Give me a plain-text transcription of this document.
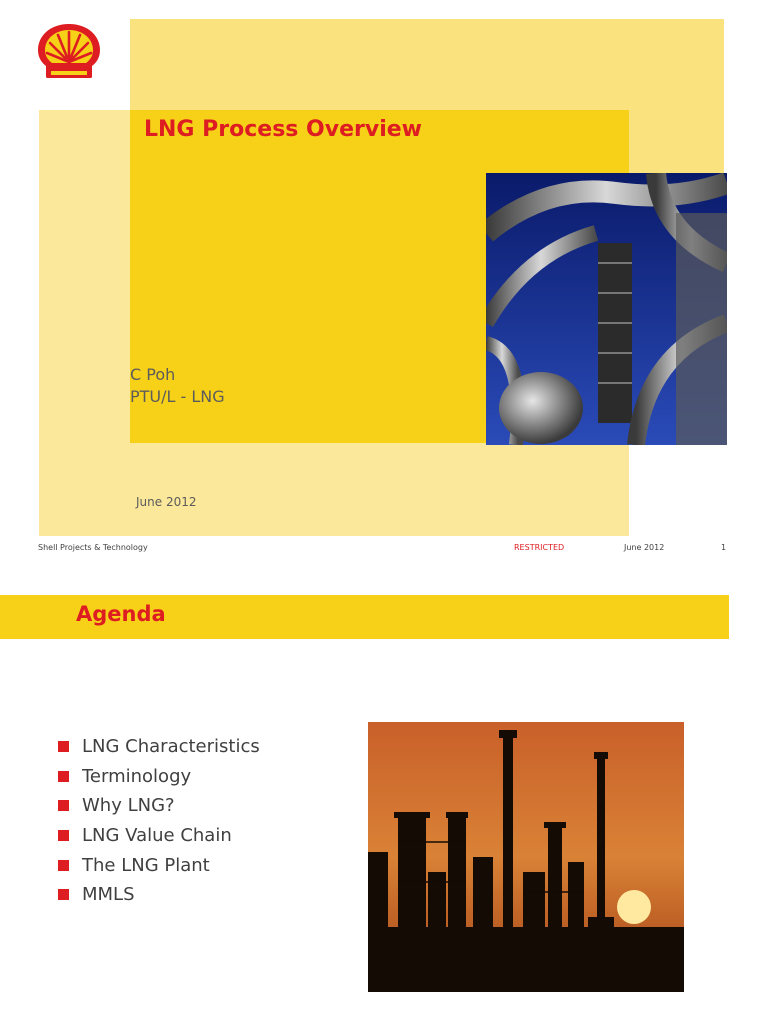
LNG Process Overview
C Poh
PTU/L - LNG
June 2012
Shell Projects & Technology	RESTRICTED	June 2012	1
Agenda
LNG Characteristics
Terminology
Why LNG?
LNG Value Chain
The LNG Plant
MMLS
